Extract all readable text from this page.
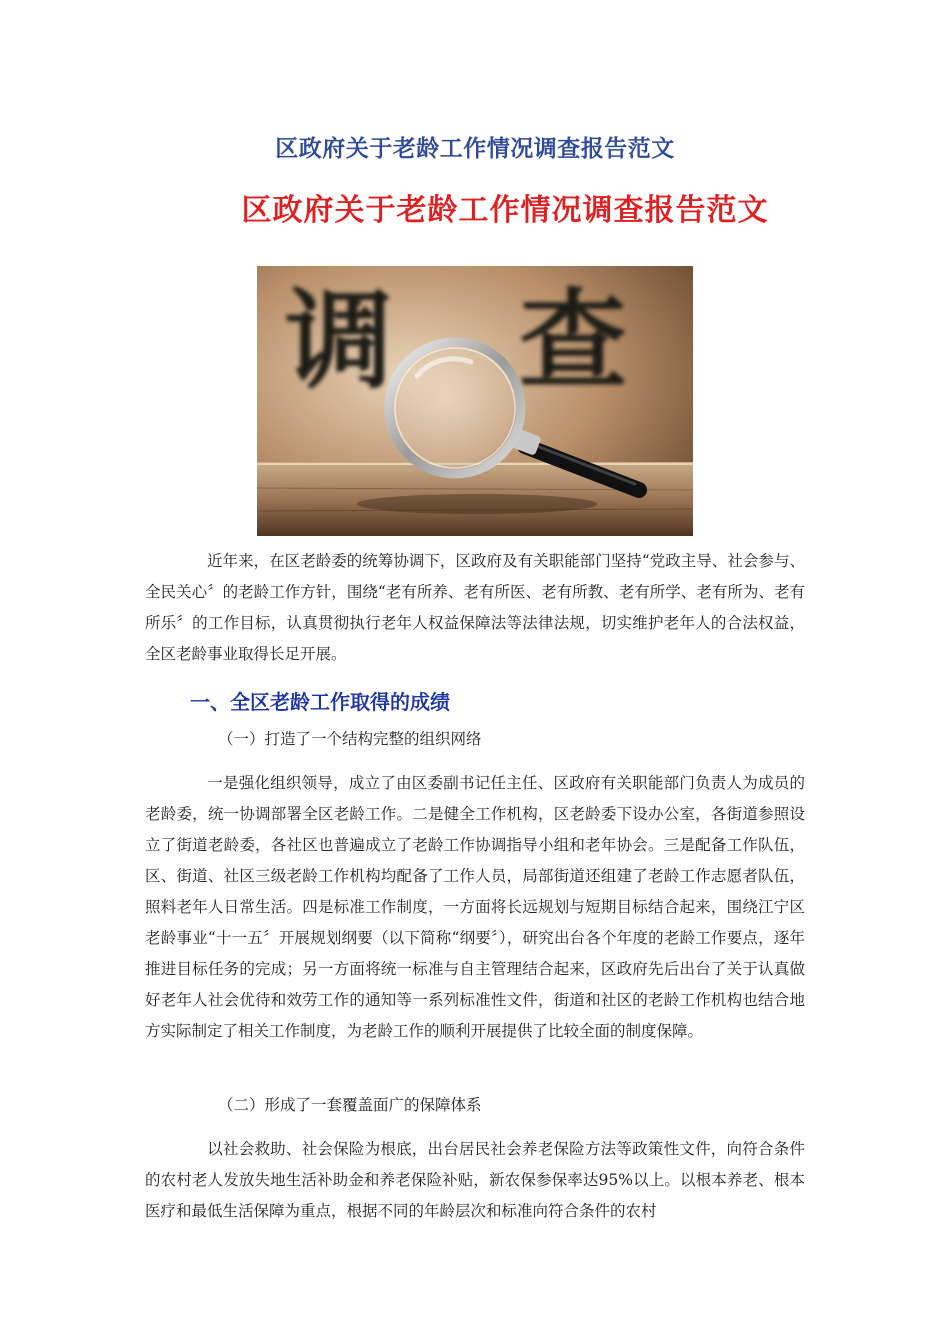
区政府关于老龄工作情况调查报告范文
区政府关于老龄工作情况调查报告范文
调 查
近年来，在区老龄委的统筹协调下，区政府及有关职能部门坚持“党政主导、社会参与、全民关心〞的老龄工作方针，围绕“老有所养、老有所医、老有所教、老有所学、老有所为、老有所乐〞的工作目标，认真贯彻执行老年人权益保障法等法律法规，切实维护老年人的合法权益，全区老龄事业取得长足开展。
一、全区老龄工作取得的成绩
（一）打造了一个结构完整的组织网络
一是强化组织领导，成立了由区委副书记任主任、区政府有关职能部门负责人为成员的老龄委，统一协调部署全区老龄工作。二是健全工作机构，区老龄委下设办公室，各街道参照设立了街道老龄委，各社区也普遍成立了老龄工作协调指导小组和老年协会。三是配备工作队伍，区、街道、社区三级老龄工作机构均配备了工作人员，局部街道还组建了老龄工作志愿者队伍，照料老年人日常生活。四是标准工作制度，一方面将长远规划与短期目标结合起来，围绕江宁区老龄事业“十一五〞开展规划纲要（以下简称“纲要〞），研究出台各个年度的老龄工作要点，逐年推进目标任务的完成；另一方面将统一标准与自主管理结合起来，区政府先后出台了关于认真做好老年人社会优待和效劳工作的通知等一系列标准性文件，街道和社区的老龄工作机构也结合地方实际制定了相关工作制度，为老龄工作的顺利开展提供了比较全面的制度保障。
（二）形成了一套覆盖面广的保障体系
以社会救助、社会保险为根底，出台居民社会养老保险方法等政策性文件，向符合条件的农村老人发放失地生活补助金和养老保险补贴，新农保参保率达95%以上。以根本养老、根本医疗和最低生活保障为重点，根据不同的年龄层次和标准向符合条件的农村
